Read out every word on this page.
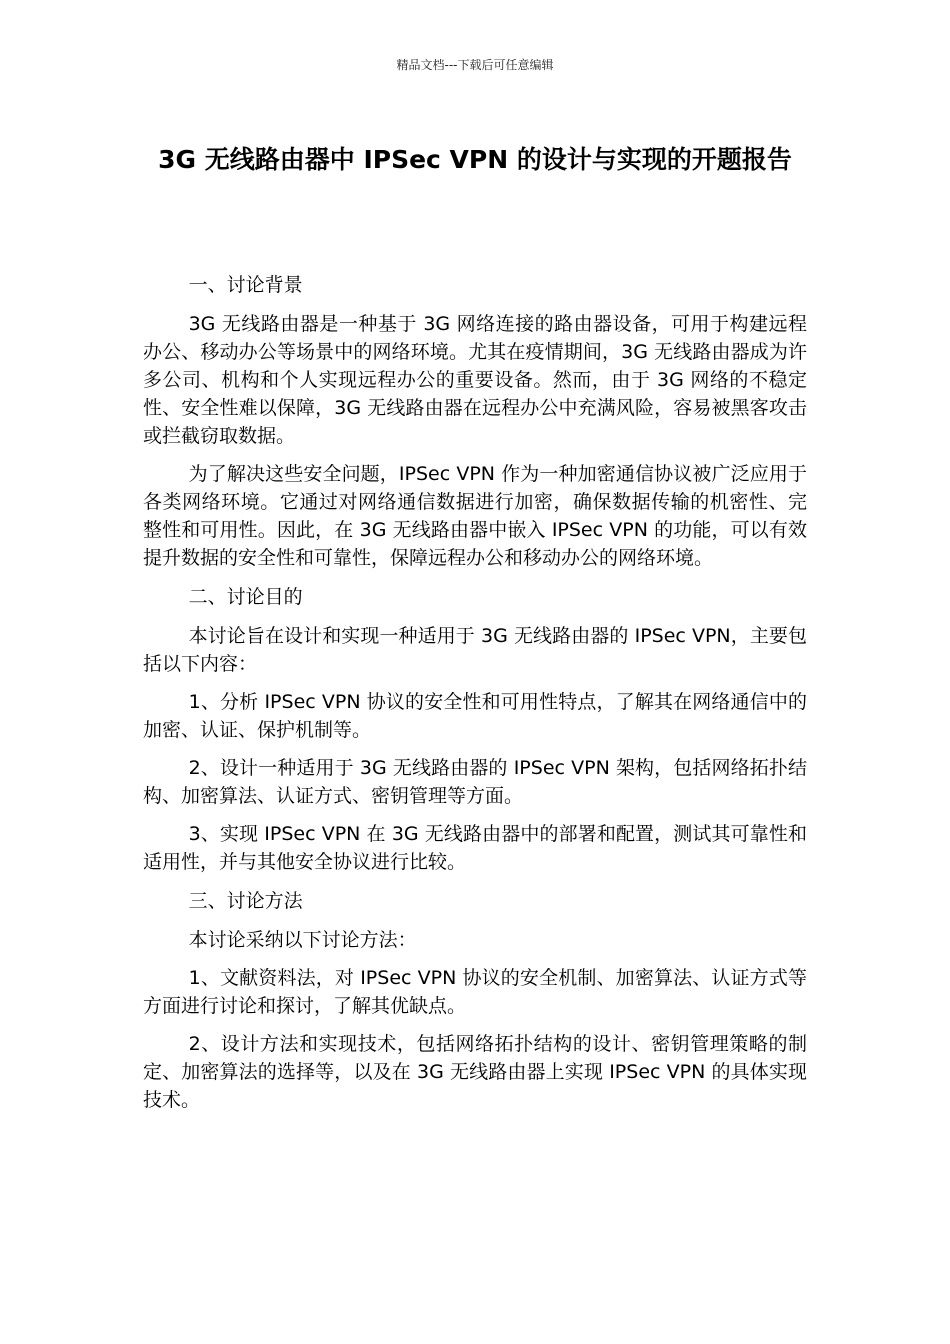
精品文档---下载后可任意编辑
3G 无线路由器中 IPSec VPN 的设计与实现的开题报告
一、讨论背景

3G 无线路由器是一种基于 3G 网络连接的路由器设备，可用于构建远程办公、移动办公等场景中的网络环境。尤其在疫情期间，3G 无线路由器成为许多公司、机构和个人实现远程办公的重要设备。然而，由于 3G 网络的不稳定性、安全性难以保障，3G 无线路由器在远程办公中充满风险，容易被黑客攻击或拦截窃取数据。

为了解决这些安全问题，IPSec VPN 作为一种加密通信协议被广泛应用于各类网络环境。它通过对网络通信数据进行加密，确保数据传输的机密性、完整性和可用性。因此，在 3G 无线路由器中嵌入 IPSec VPN 的功能，可以有效提升数据的安全性和可靠性，保障远程办公和移动办公的网络环境。

二、讨论目的

本讨论旨在设计和实现一种适用于 3G 无线路由器的 IPSec VPN，主要包括以下内容：

1、分析 IPSec VPN 协议的安全性和可用性特点，了解其在网络通信中的加密、认证、保护机制等。

2、设计一种适用于 3G 无线路由器的 IPSec VPN 架构，包括网络拓扑结构、加密算法、认证方式、密钥管理等方面。

3、实现 IPSec VPN 在 3G 无线路由器中的部署和配置，测试其可靠性和适用性，并与其他安全协议进行比较。

三、讨论方法

本讨论采纳以下讨论方法：

1、文献资料法，对 IPSec VPN 协议的安全机制、加密算法、认证方式等方面进行讨论和探讨，了解其优缺点。

2、设计方法和实现技术，包括网络拓扑结构的设计、密钥管理策略的制定、加密算法的选择等，以及在 3G 无线路由器上实现 IPSec VPN 的具体实现技术。
